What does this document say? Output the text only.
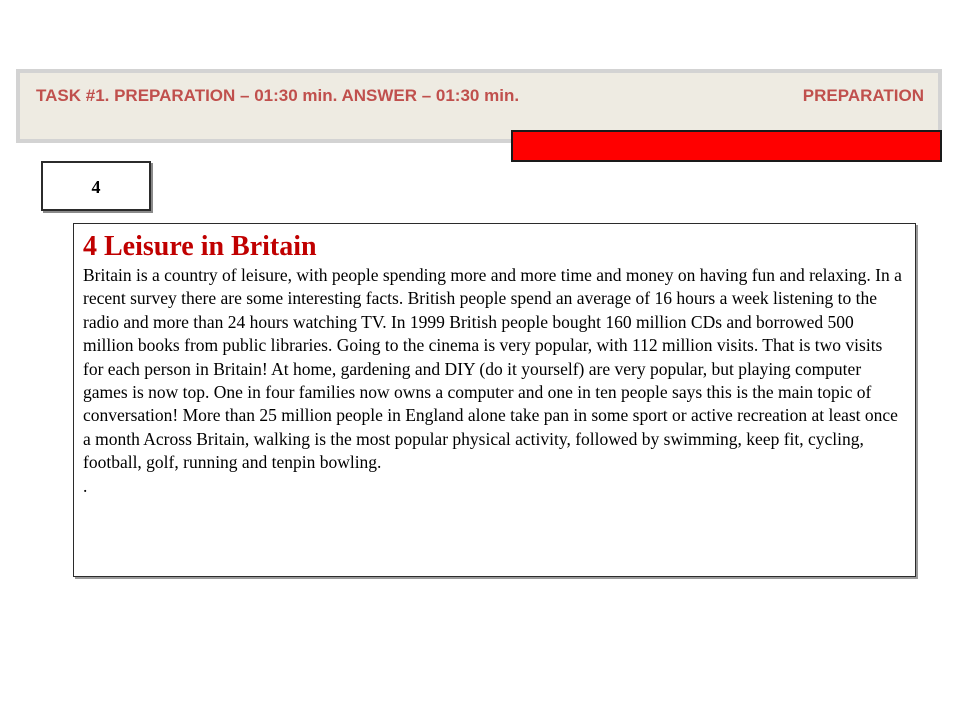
TASK #1. PREPARATION – 01:30 min. ANSWER – 01:30 min.	PREPARATION
4

4 Leisure in Britain

Britain is a country of leisure, with people spending more and more time and money on having fun and relaxing. In a recent survey there are some interesting facts. British people spend an average of 16 hours a week listening to the radio and more than 24 hours watching TV. In 1999 British people bought 160 million CDs and borrowed 500 million books from public libraries. Going to the cinema is very popular, with 112 million visits. That is two visits for each person in Britain! At home, gardening and DIY (do it yourself) are very popular, but playing computer games is now top. One in four families now owns a computer and one in ten people says this is the main topic of conversation! More than 25 million people in England alone take pan in some sport or active recreation at least once a month Across Britain, walking is the most popular physical activity, followed by swimming, keep fit, cycling, football, golf, running and tenpin bowling.

.
